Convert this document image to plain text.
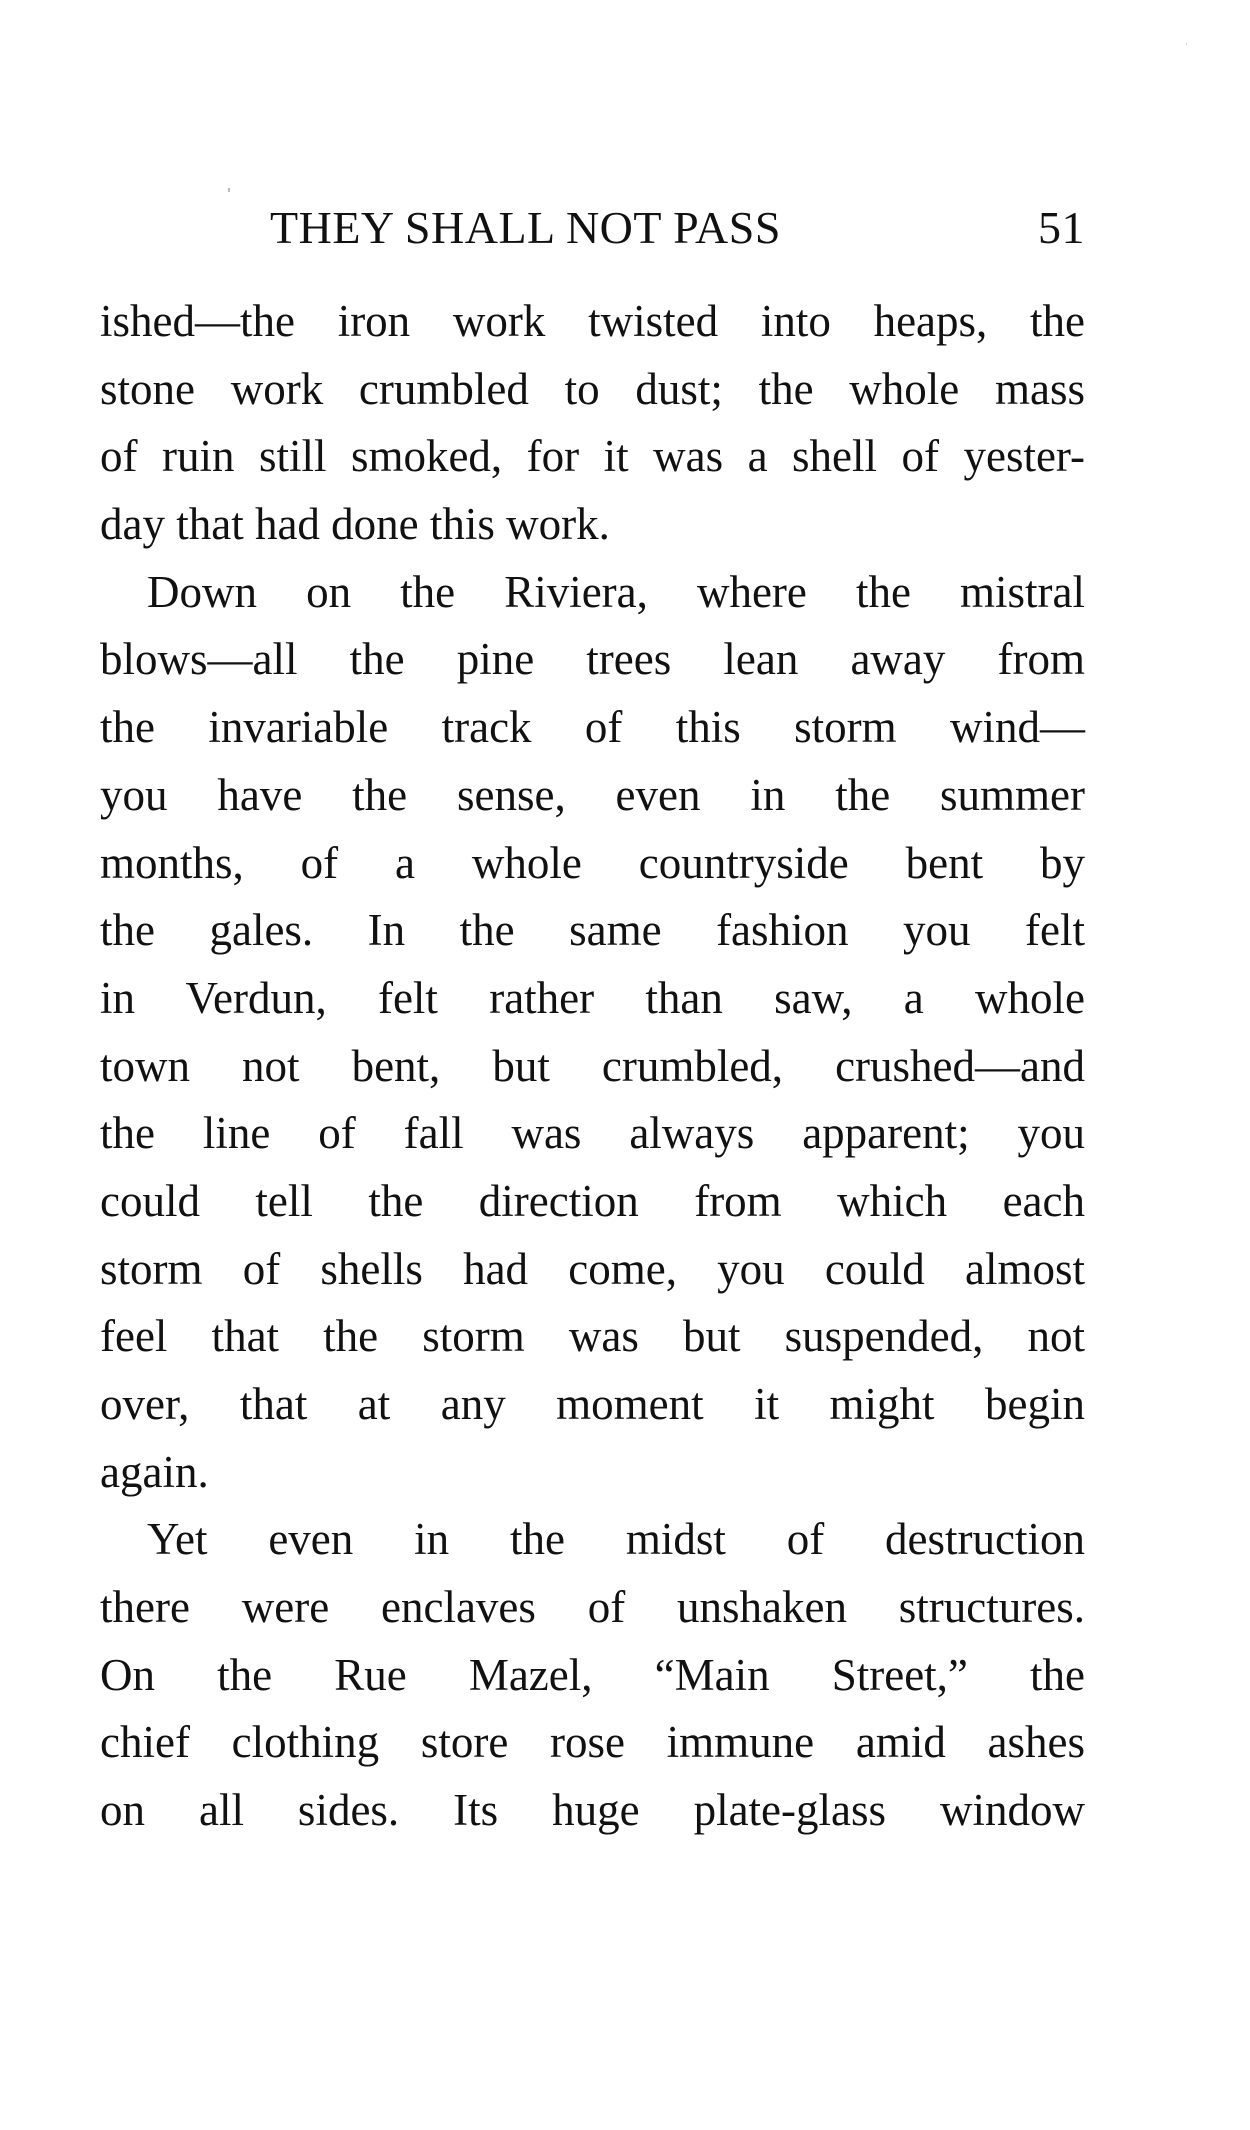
THEY SHALL NOT PASS	51
ished—the iron work twisted into heaps, the
stone work crumbled to dust; the whole mass
of ruin still smoked, for it was a shell of yester-
day that had done this work.
Down on the Riviera, where the mistral
blows—all the pine trees lean away from
the invariable track of this storm wind—
you have the sense, even in the summer
months, of a whole countryside bent by
the gales. In the same fashion you felt
in Verdun, felt rather than saw, a whole
town not bent, but crumbled, crushed—and
the line of fall was always apparent; you
could tell the direction from which each
storm of shells had come, you could almost
feel that the storm was but suspended, not
over, that at any moment it might begin
again.
Yet even in the midst of destruction
there were enclaves of unshaken structures.
On the Rue Mazel, “Main Street,” the
chief clothing store rose immune amid ashes
on all sides. Its huge plate-glass window
